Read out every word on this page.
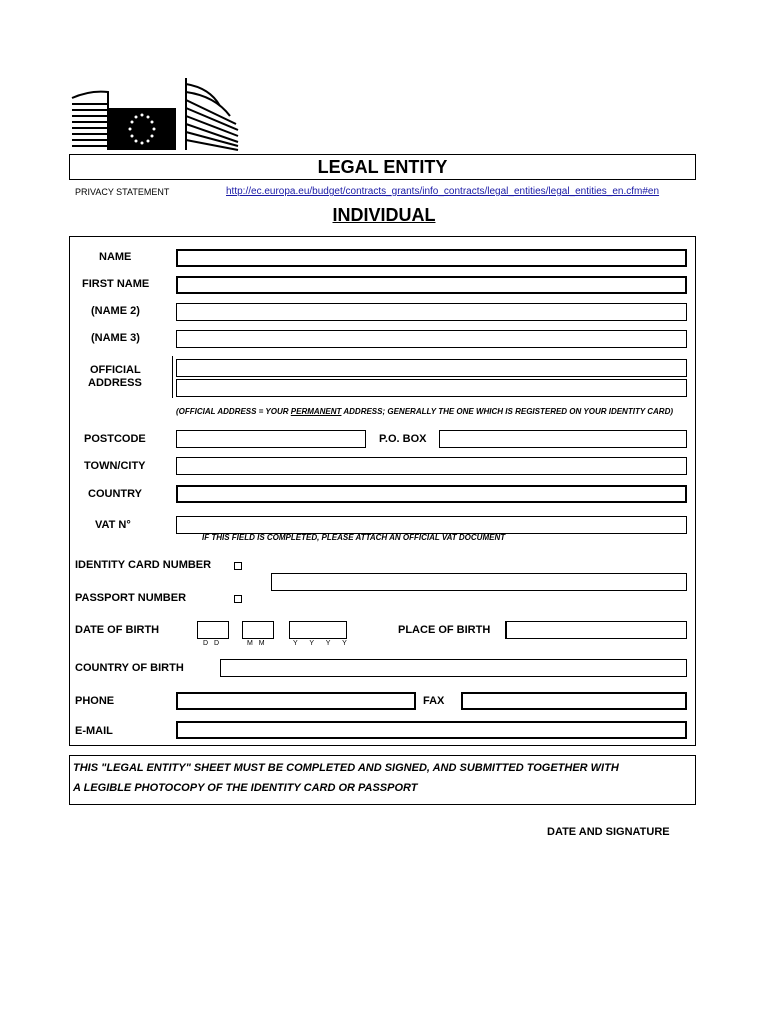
LEGAL ENTITY
PRIVACY STATEMENT	http://ec.europa.eu/budget/contracts_grants/info_contracts/legal_entities/legal_entities_en.cfm#en
INDIVIDUAL
NAME
FIRST NAME
(NAME 2)
(NAME 3)
OFFICIAL
ADDRESS
(OFFICIAL ADDRESS = YOUR PERMANENT ADDRESS; GENERALLY THE ONE WHICH IS REGISTERED ON YOUR IDENTITY CARD)
POSTCODE	P.O. BOX
TOWN/CITY
COUNTRY
VAT N°
IF THIS FIELD IS COMPLETED, PLEASE ATTACH AN OFFICIAL VAT DOCUMENT
IDENTITY CARD NUMBER
PASSPORT NUMBER
DATE OF BIRTH
D D	M M	Y Y Y Y
PLACE OF BIRTH
COUNTRY OF BIRTH
PHONE	FAX
E-MAIL
THIS "LEGAL ENTITY" SHEET MUST BE COMPLETED AND SIGNED, AND SUBMITTED TOGETHER WITH
A LEGIBLE PHOTOCOPY OF THE IDENTITY CARD OR PASSPORT
DATE AND SIGNATURE
